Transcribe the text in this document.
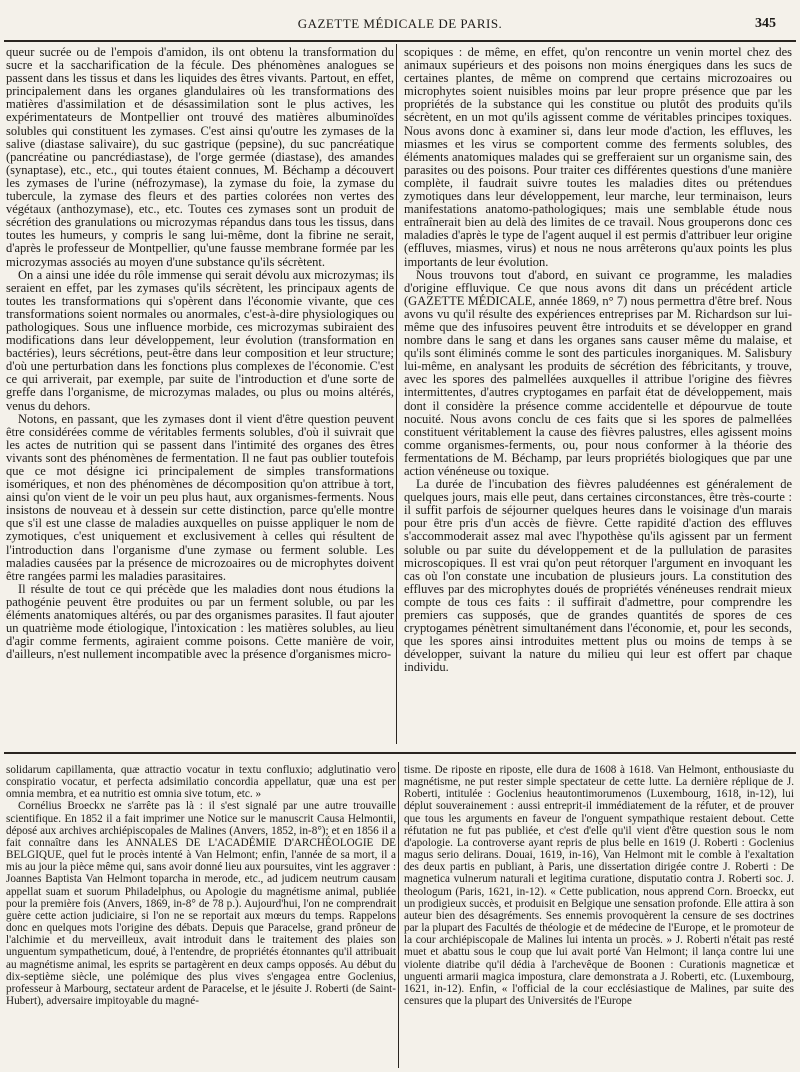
GAZETTE MÉDICALE DE PARIS.	345

queur sucrée ou de l'empois d'amidon, ils ont obtenu la transformation du sucre et la saccharification de la fécule. Des phénomènes analogues se passent dans les tissus et dans les liquides des êtres vivants. Partout, en effet, principalement dans les organes glandulaires où les transformations des matières d'assimilation et de désassimilation sont le plus actives, les expérimentateurs de Montpellier ont trouvé des matières albuminoïdes solubles qui constituent les zymases. C'est ainsi qu'outre les zymases de la salive (diastase salivaire), du suc gastrique (pepsine), du suc pancréatique (pancréatine ou pancrédiastase), de l'orge germée (diastase), des amandes (synaptase), etc., etc., qui toutes étaient connues, M. Béchamp a découvert les zymases de l'urine (néfrozymase), la zymase du foie, la zymase du tubercule, la zymase des fleurs et des parties colorées non vertes des végétaux (anthozymase), etc., etc. Toutes ces zymases sont un produit de sécrétion des granulations ou microzymas répandus dans tous les tissus, dans toutes les humeurs, y compris le sang lui-même, dont la fibrine ne serait, d'après le professeur de Montpellier, qu'une fausse membrane formée par les microzymas associés au moyen d'une substance qu'ils sécrètent.

On a ainsi une idée du rôle immense qui serait dévolu aux microzymas; ils seraient en effet, par les zymases qu'ils sécrètent, les principaux agents de toutes les transformations qui s'opèrent dans l'économie vivante, que ces transformations soient normales ou anormales, c'est-à-dire physiologiques ou pathologiques. Sous une influence morbide, ces microzymas subiraient des modifications dans leur développement, leur évolution (transformation en bactéries), leurs sécrétions, peut-être dans leur composition et leur structure; d'où une perturbation dans les fonctions plus complexes de l'économie. C'est ce qui arriverait, par exemple, par suite de l'introduction et d'une sorte de greffe dans l'organisme, de microzymas malades, ou plus ou moins altérés, venus du dehors.

Notons, en passant, que les zymases dont il vient d'être question peuvent être considérées comme de véritables ferments solubles, d'où il suivrait que les actes de nutrition qui se passent dans l'intimité des organes des êtres vivants sont des phénomènes de fermentation. Il ne faut pas oublier toutefois que ce mot désigne ici principalement de simples transformations isomériques, et non des phénomènes de décomposition qu'on attribue à tort, ainsi qu'on vient de le voir un peu plus haut, aux organismes-ferments. Nous insistons de nouveau et à dessein sur cette distinction, parce qu'elle montre que s'il est une classe de maladies auxquelles on puisse appliquer le nom de zymotiques, c'est uniquement et exclusivement à celles qui résultent de l'introduction dans l'organisme d'une zymase ou ferment soluble. Les maladies causées par la présence de microzoaires ou de microphytes doivent être rangées parmi les maladies parasitaires.

Il résulte de tout ce qui précède que les maladies dont nous étudions la pathogénie peuvent être produites ou par un ferment soluble, ou par les éléments anatomiques altérés, ou par des organismes parasites. Il faut ajouter un quatrième mode étiologique, l'intoxication : les matières solubles, au lieu d'agir comme ferments, agiraient comme poisons. Cette manière de voir, d'ailleurs, n'est nullement incompatible avec la présence d'organismes micro-

scopiques : de même, en effet, qu'on rencontre un venin mortel chez des animaux supérieurs et des poisons non moins énergiques dans les sucs de certaines plantes, de même on comprend que certains microzoaires ou microphytes soient nuisibles moins par leur propre présence que par les propriétés de la substance qui les constitue ou plutôt des produits qu'ils sécrètent, en un mot qu'ils agissent comme de véritables principes toxiques. Nous avons donc à examiner si, dans leur mode d'action, les effluves, les miasmes et les virus se comportent comme des ferments solubles, des éléments anatomiques malades qui se grefferaient sur un organisme sain, des parasites ou des poisons. Pour traiter ces différentes questions d'une manière complète, il faudrait suivre toutes les maladies dites ou prétendues zymotiques dans leur développement, leur marche, leur terminaison, leurs manifestations anatomo-pathologiques; mais une semblable étude nous entraînerait bien au delà des limites de ce travail. Nous grouperons donc ces maladies d'après le type de l'agent auquel il est permis d'attribuer leur origine (effluves, miasmes, virus) et nous ne nous arrêterons qu'aux points les plus importants de leur évolution.

Nous trouvons tout d'abord, en suivant ce programme, les maladies d'origine effluvique. Ce que nous avons dit dans un précédent article (GAZETTE MÉDICALE, année 1869, n° 7) nous permettra d'être bref. Nous avons vu qu'il résulte des expériences entreprises par M. Richardson sur lui-même que des infusoires peuvent être introduits et se développer en grand nombre dans le sang et dans les organes sans causer même du malaise, et qu'ils sont éliminés comme le sont des particules inorganiques. M. Salisbury lui-même, en analysant les produits de sécrétion des fébricitants, y trouve, avec les spores des palmellées auxquelles il attribue l'origine des fièvres intermittentes, d'autres cryptogames en parfait état de développement, mais dont il considère la présence comme accidentelle et dépourvue de toute nocuité. Nous avons conclu de ces faits que si les spores de palmellées constituent véritablement la cause des fièvres palustres, elles agissent moins comme organismes-ferments, ou, pour nous conformer à la théorie des fermentations de M. Béchamp, par leurs propriétés biologiques que par une action vénéneuse ou toxique.

La durée de l'incubation des fièvres paludéennes est généralement de quelques jours, mais elle peut, dans certaines circonstances, être très-courte : il suffit parfois de séjourner quelques heures dans le voisinage d'un marais pour être pris d'un accès de fièvre. Cette rapidité d'action des effluves s'accommoderait assez mal avec l'hypothèse qu'ils agissent par un ferment soluble ou par suite du développement et de la pullulation de parasites microscopiques. Il est vrai qu'on peut rétorquer l'argument en invoquant les cas où l'on constate une incubation de plusieurs jours. La constitution des effluves par des microphytes doués de propriétés vénéneuses rendrait mieux compte de tous ces faits : il suffirait d'admettre, pour comprendre les premiers cas supposés, que de grandes quantités de spores de ces cryptogames pénètrent simultanément dans l'économie, et, pour les seconds, que les spores ainsi introduites mettent plus ou moins de temps à se développer, suivant la nature du milieu qui leur est offert par chaque individu.

solidarum capillamenta, quæ attractio vocatur in textu confluxio; adglutinatio vero conspiratio vocatur, et perfecta adsimilatio concordia appellatur, quæ una est per omnia membra, et ea nutritio est omnia sive totum, etc. »

Cornélius Broeckx ne s'arrête pas là : il s'est signalé par une autre trouvaille scientifique. En 1852 il a fait imprimer une Notice sur le manuscrit Causa Helmontii, déposé aux archives archiépiscopales de Malines (Anvers, 1852, in-8°); et en 1856 il a fait connaître dans les ANNALES DE L'ACADÉMIE D'ARCHÉOLOGIE DE BELGIQUE, quel fut le procès intenté à Van Helmont; enfin, l'année de sa mort, il a mis au jour la pièce même qui, sans avoir donné lieu aux poursuites, vint les aggraver : Joannes Baptista Van Helmont toparcha in merode, etc., ad judicem neutrum causam appellat suam et suorum Philadelphus, ou Apologie du magnétisme animal, publiée pour la première fois (Anvers, 1869, in-8° de 78 p.). Aujourd'hui, l'on ne comprendrait guère cette action judiciaire, si l'on ne se reportait aux mœurs du temps. Rappelons donc en quelques mots l'origine des débats. Depuis que Paracelse, grand prôneur de l'alchimie et du merveilleux, avait introduit dans le traitement des plaies son unguentum sympatheticum, doué, à l'entendre, de propriétés étonnantes qu'il attribuait au magnétisme animal, les esprits se partagèrent en deux camps opposés. Au début du dix-septième siècle, une polémique des plus vives s'engagea entre Goclenius, professeur à Marbourg, sectateur ardent de Paracelse, et le jésuite J. Roberti (de Saint-Hubert), adversaire impitoyable du magné-

tisme. De riposte en riposte, elle dura de 1608 à 1618. Van Helmont, enthousiaste du magnétisme, ne put rester simple spectateur de cette lutte. La dernière réplique de J. Roberti, intitulée : Goclenius heautontimorumenos (Luxembourg, 1618, in-12), lui déplut souverainement : aussi entreprit-il immédiatement de la réfuter, et de prouver que tous les arguments en faveur de l'onguent sympathique restaient debout. Cette réfutation ne fut pas publiée, et c'est d'elle qu'il vient d'être question sous le nom d'apologie. La controverse ayant repris de plus belle en 1619 (J. Roberti : Goclenius magus serio delirans. Douai, 1619, in-16), Van Helmont mit le comble à l'exaltation des deux partis en publiant, à Paris, une dissertation dirigée contre J. Roberti : De magnetica vulnerum naturali et legitima curatione, disputatio contra J. Roberti soc. J. theologum (Paris, 1621, in-12). « Cette publication, nous apprend Corn. Broeckx, eut un prodigieux succès, et produisit en Belgique une sensation profonde. Elle attira à son auteur bien des désagréments. Ses ennemis provoquèrent la censure de ses doctrines par la plupart des Facultés de théologie et de médecine de l'Europe, et le promoteur de la cour archiépiscopale de Malines lui intenta un procès. » J. Roberti n'était pas resté muet et abattu sous le coup que lui avait porté Van Helmont; il lança contre lui une violente diatribe qu'il dédia à l'archevêque de Boonen : Curationis magneticæ et unguenti armarii magica impostura, clare demonstrata a J. Roberti, etc. (Luxembourg, 1621, in-12). Enfin, « l'official de la cour ecclésiastique de Malines, par suite des censures que la plupart des Universités de l'Europe
